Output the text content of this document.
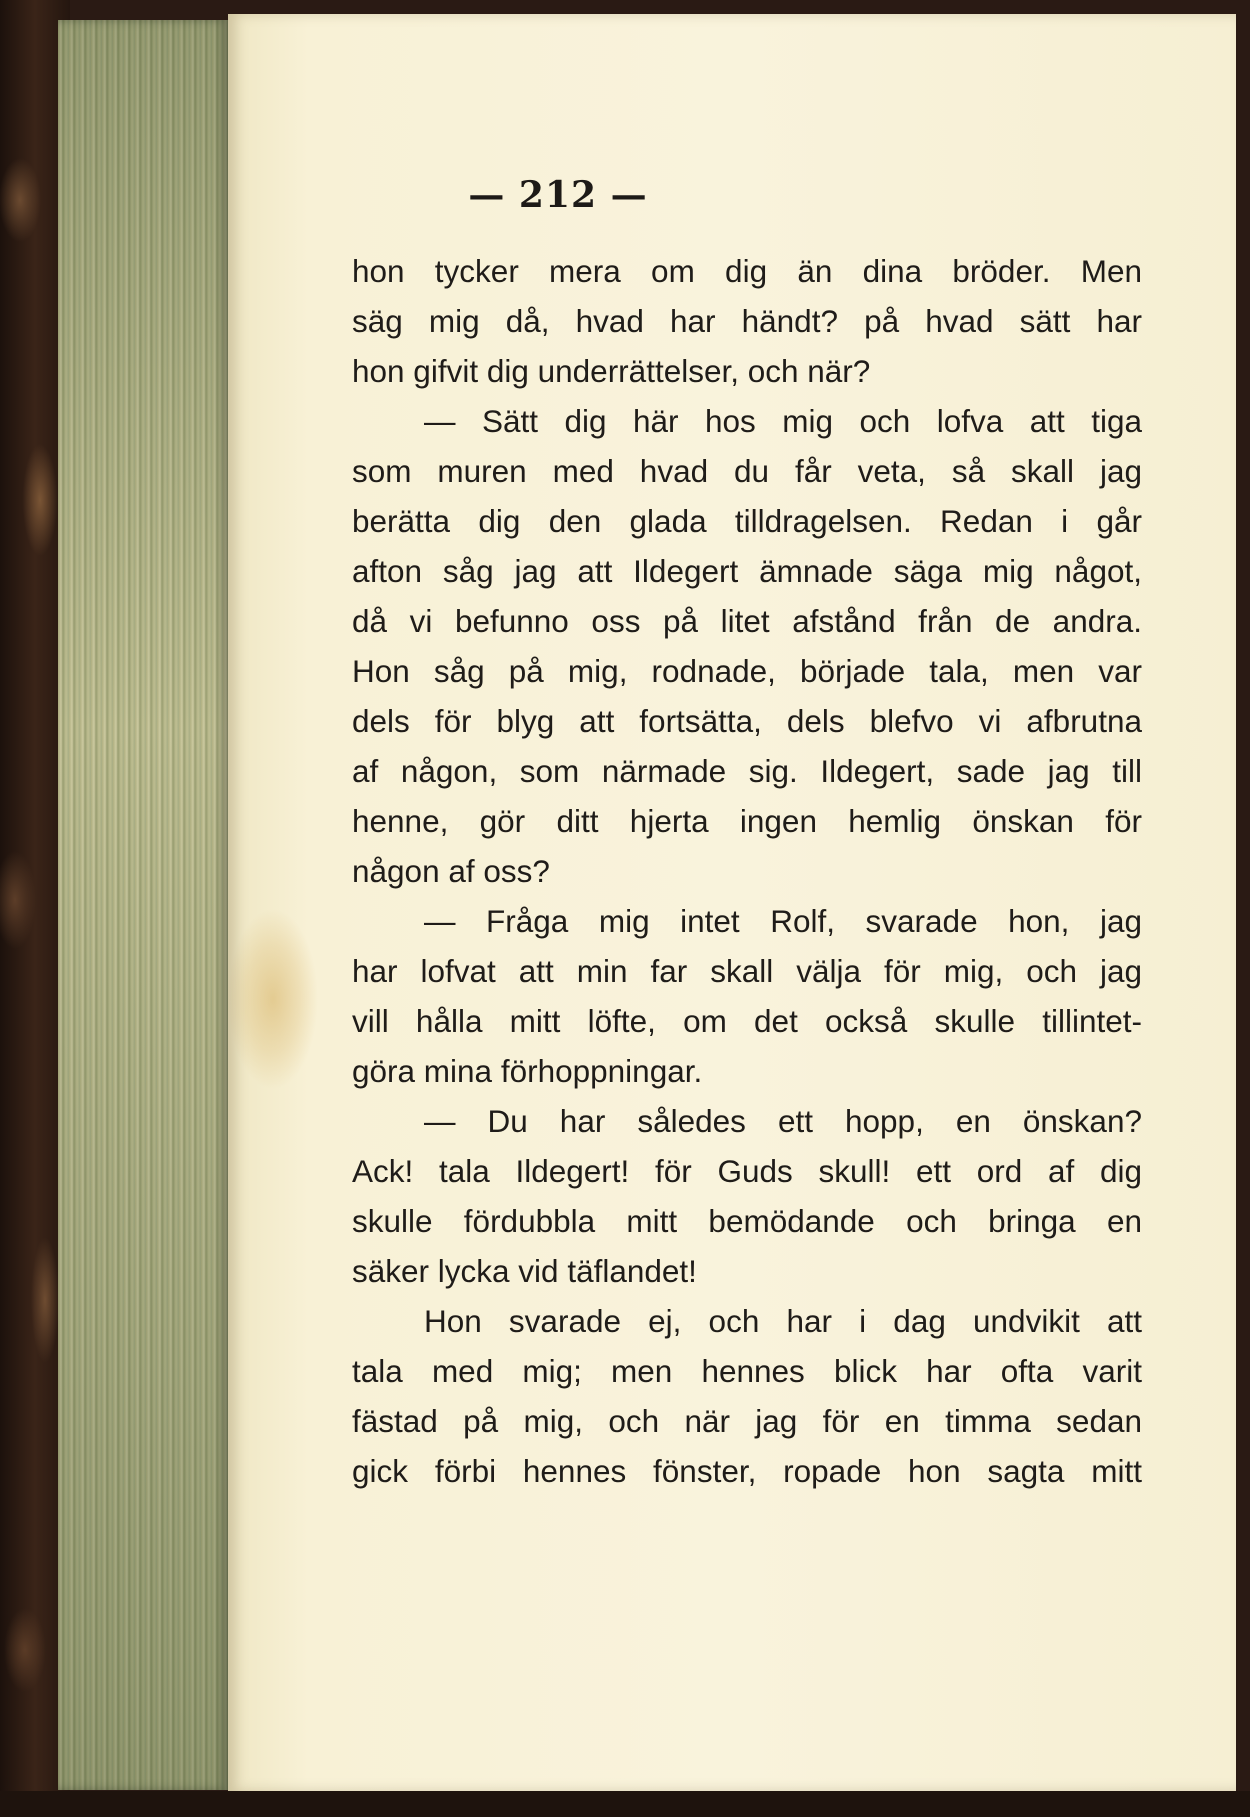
— 212 —
hon tycker mera om dig än dina bröder. Men
säg mig då, hvad har händt? på hvad sätt har
hon gifvit dig underrättelser, och när?
— Sätt dig här hos mig och lofva att tiga
som muren med hvad du får veta, så skall jag
berätta dig den glada tilldragelsen. Redan i går
afton såg jag att Ildegert ämnade säga mig något,
då vi befunno oss på litet afstånd från de andra.
Hon såg på mig, rodnade, började tala, men var
dels för blyg att fortsätta, dels blefvo vi afbrutna
af någon, som närmade sig. Ildegert, sade jag till
henne, gör ditt hjerta ingen hemlig önskan för
någon af oss?
— Fråga mig intet Rolf, svarade hon, jag
har lofvat att min far skall välja för mig, och jag
vill hålla mitt löfte, om det också skulle tillintet-
göra mina förhoppningar.
— Du har således ett hopp, en önskan?
Ack! tala Ildegert! för Guds skull! ett ord af dig
skulle fördubbla mitt bemödande och bringa en
säker lycka vid täflandet!
Hon svarade ej, och har i dag undvikit att
tala med mig; men hennes blick har ofta varit
fästad på mig, och när jag för en timma sedan
gick förbi hennes fönster, ropade hon sagta mitt
